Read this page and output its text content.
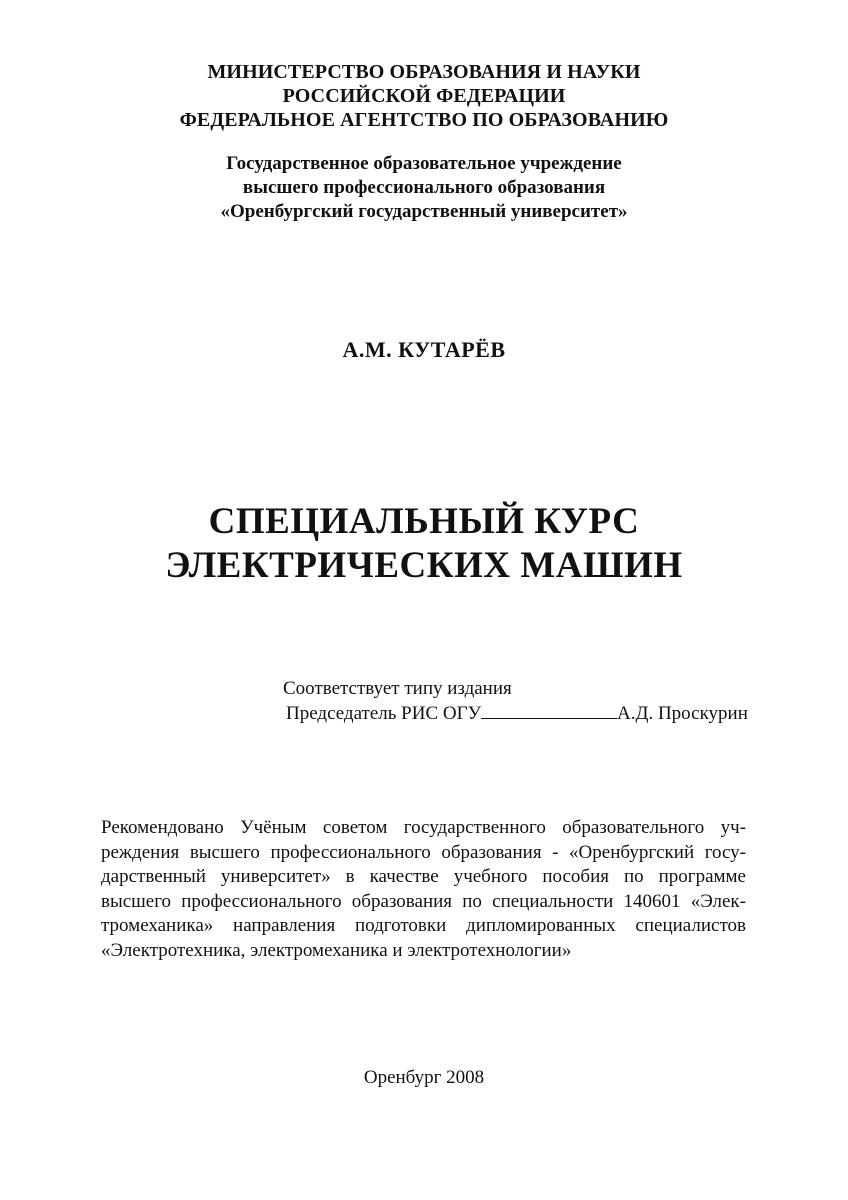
МИНИСТЕРСТВО ОБРАЗОВАНИЯ И НАУКИ
РОССИЙСКОЙ ФЕДЕРАЦИИ
ФЕДЕРАЛЬНОЕ АГЕНТСТВО ПО ОБРАЗОВАНИЮ
Государственное образовательное учреждение
высшего профессионального образования
«Оренбургский государственный университет»
А.М. КУТАРЁВ
СПЕЦИАЛЬНЫЙ КУРС
ЭЛЕКТРИЧЕСКИХ МАШИН
Соответствует типу издания
Председатель РИС ОГУ	А.Д. Проскурин
Рекомендовано Учёным советом государственного образовательного учреждения высшего профессионального образования - «Оренбургский государственный университет» в качестве учебного пособия по программе высшего профессионального образования по специальности 140601 «Электромеханика» направления подготовки дипломированных специалистов «Электротехника, электромеханика и электротехнологии»
Оренбург 2008
